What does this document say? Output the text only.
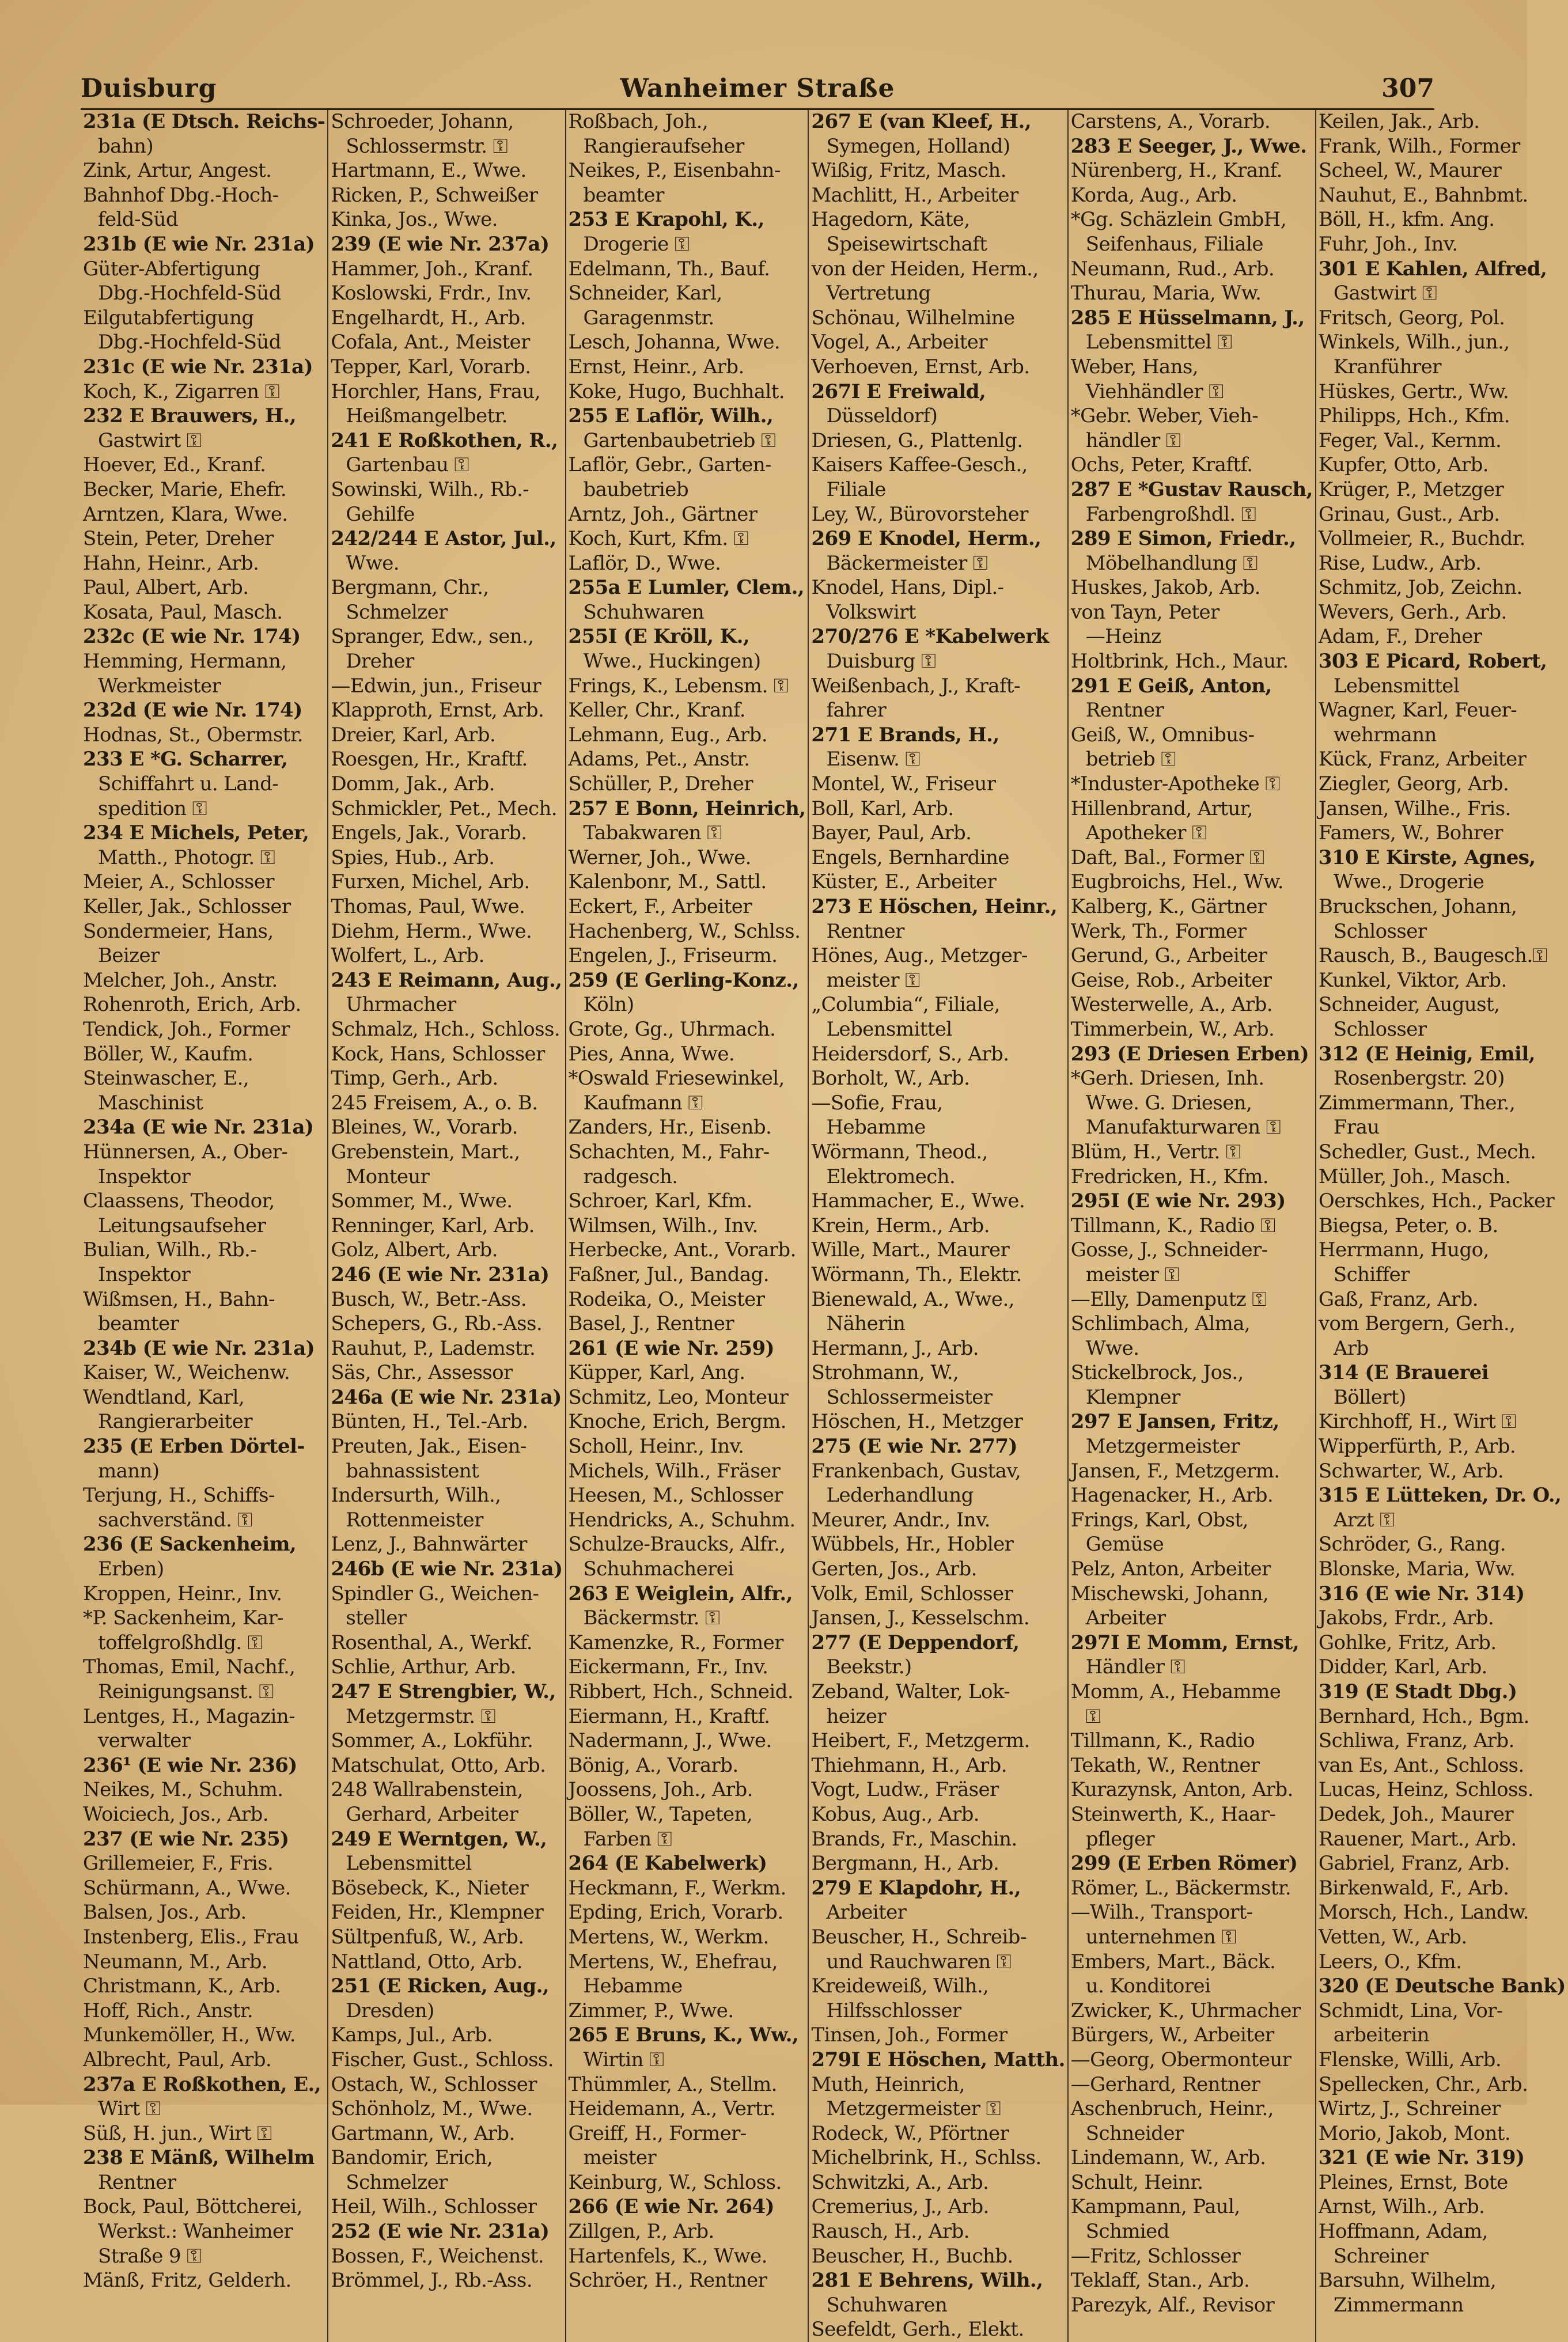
Duisburg	Wanheimer Straße	307
231a (E Dtsch. Reichs-
bahn)
Zink, Artur, Angest.
Bahnhof Dbg.-Hoch-
feld-Süd
231b (E wie Nr. 231a)
Güter-Abfertigung
Dbg.-Hochfeld-Süd
Eilgutabfertigung
Dbg.-Hochfeld-Süd
231c (E wie Nr. 231a)
Koch, K., Zigarren ⚿
232 E Brauwers, H.,
Gastwirt ⚿
Hoever, Ed., Kranf.
Becker, Marie, Ehefr.
Arntzen, Klara, Wwe.
Stein, Peter, Dreher
Hahn, Heinr., Arb.
Paul, Albert, Arb.
Kosata, Paul, Masch.
232c (E wie Nr. 174)
Hemming, Hermann,
Werkmeister
232d (E wie Nr. 174)
Hodnas, St., Obermstr.
233 E *G. Scharrer,
Schiffahrt u. Land-
spedition ⚿
234 E Michels, Peter,
Matth., Photogr. ⚿
Meier, A., Schlosser
Keller, Jak., Schlosser
Sondermeier, Hans,
Beizer
Melcher, Joh., Anstr.
Rohenroth, Erich, Arb.
Tendick, Joh., Former
Böller, W., Kaufm.
Steinwascher, E.,
Maschinist
234a (E wie Nr. 231a)
Hünnersen, A., Ober-
Inspektor
Claassens, Theodor,
Leitungsaufseher
Bulian, Wilh., Rb.-
Inspektor
Wißmsen, H., Bahn-
beamter
234b (E wie Nr. 231a)
Kaiser, W., Weichenw.
Wendtland, Karl,
Rangierarbeiter
235 (E Erben Dörtel-
mann)
Terjung, H., Schiffs-
sachverständ. ⚿
236 (E Sackenheim,
Erben)
Kroppen, Heinr., Inv.
*P. Sackenheim, Kar-
toffelgroßhdlg. ⚿
Thomas, Emil, Nachf.,
Reinigungsanst. ⚿
Lentges, H., Magazin-
verwalter
236¹ (E wie Nr. 236)
Neikes, M., Schuhm.
Woiciech, Jos., Arb.
237 (E wie Nr. 235)
Grillemeier, F., Fris.
Schürmann, A., Wwe.
Balsen, Jos., Arb.
Instenberg, Elis., Frau
Neumann, M., Arb.
Christmann, K., Arb.
Hoff, Rich., Anstr.
Munkemöller, H., Ww.
Albrecht, Paul, Arb.
237a E Roßkothen, E.,
Wirt ⚿
Süß, H. jun., Wirt ⚿
238 E Mänß, Wilhelm
Rentner
Bock, Paul, Böttcherei,
Werkst.: Wanheimer
Straße 9 ⚿
Mänß, Fritz, Gelderh.
Schroeder, Johann,
Schlossermstr. ⚿
Hartmann, E., Wwe.
Ricken, P., Schweißer
Kinka, Jos., Wwe.
239 (E wie Nr. 237a)
Hammer, Joh., Kranf.
Koslowski, Frdr., Inv.
Engelhardt, H., Arb.
Cofala, Ant., Meister
Tepper, Karl, Vorarb.
Horchler, Hans, Frau,
Heißmangelbetr.
241 E Roßkothen, R.,
Gartenbau ⚿
Sowinski, Wilh., Rb.-
Gehilfe
242/244 E Astor, Jul.,
Wwe.
Bergmann, Chr.,
Schmelzer
Spranger, Edw., sen.,
Dreher
—Edwin, jun., Friseur
Klapproth, Ernst, Arb.
Dreier, Karl, Arb.
Roesgen, Hr., Kraftf.
Domm, Jak., Arb.
Schmickler, Pet., Mech.
Engels, Jak., Vorarb.
Spies, Hub., Arb.
Furxen, Michel, Arb.
Thomas, Paul, Wwe.
Diehm, Herm., Wwe.
Wolfert, L., Arb.
243 E Reimann, Aug.,
Uhrmacher
Schmalz, Hch., Schloss.
Kock, Hans, Schlosser
Timp, Gerh., Arb.
245 Freisem, A., o. B.
Bleines, W., Vorarb.
Grebenstein, Mart.,
Monteur
Sommer, M., Wwe.
Renninger, Karl, Arb.
Golz, Albert, Arb.
246 (E wie Nr. 231a)
Busch, W., Betr.-Ass.
Schepers, G., Rb.-Ass.
Rauhut, P., Lademstr.
Säs, Chr., Assessor
246a (E wie Nr. 231a)
Bünten, H., Tel.-Arb.
Preuten, Jak., Eisen-
bahnassistent
Indersurth, Wilh.,
Rottenmeister
Lenz, J., Bahnwärter
246b (E wie Nr. 231a)
Spindler G., Weichen-
steller
Rosenthal, A., Werkf.
Schlie, Arthur, Arb.
247 E Strengbier, W.,
Metzgermstr. ⚿
Sommer, A., Lokführ.
Matschulat, Otto, Arb.
248 Wallrabenstein,
Gerhard, Arbeiter
249 E Werntgen, W.,
Lebensmittel
Bösebeck, K., Nieter
Feiden, Hr., Klempner
Sültpenfuß, W., Arb.
Nattland, Otto, Arb.
251 (E Ricken, Aug.,
Dresden)
Kamps, Jul., Arb.
Fischer, Gust., Schloss.
Ostach, W., Schlosser
Schönholz, M., Wwe.
Gartmann, W., Arb.
Bandomir, Erich,
Schmelzer
Heil, Wilh., Schlosser
252 (E wie Nr. 231a)
Bossen, F., Weichenst.
Brömmel, J., Rb.-Ass.
Roßbach, Joh.,
Rangieraufseher
Neikes, P., Eisenbahn-
beamter
253 E Krapohl, K.,
Drogerie ⚿
Edelmann, Th., Bauf.
Schneider, Karl,
Garagenmstr.
Lesch, Johanna, Wwe.
Ernst, Heinr., Arb.
Koke, Hugo, Buchhalt.
255 E Laflör, Wilh.,
Gartenbaubetrieb ⚿
Laflör, Gebr., Garten-
baubetrieb
Arntz, Joh., Gärtner
Koch, Kurt, Kfm. ⚿
Laflör, D., Wwe.
255a E Lumler, Clem.,
Schuhwaren
255I (E Kröll, K.,
Wwe., Huckingen)
Frings, K., Lebensm. ⚿
Keller, Chr., Kranf.
Lehmann, Eug., Arb.
Adams, Pet., Anstr.
Schüller, P., Dreher
257 E Bonn, Heinrich,
Tabakwaren ⚿
Werner, Joh., Wwe.
Kalenbonr, M., Sattl.
Eckert, F., Arbeiter
Hachenberg, W., Schlss.
Engelen, J., Friseurm.
259 (E Gerling-Konz.,
Köln)
Grote, Gg., Uhrmach.
Pies, Anna, Wwe.
*Oswald Friesewinkel,
Kaufmann ⚿
Zanders, Hr., Eisenb.
Schachten, M., Fahr-
radgesch.
Schroer, Karl, Kfm.
Wilmsen, Wilh., Inv.
Herbecke, Ant., Vorarb.
Faßner, Jul., Bandag.
Rodeika, O., Meister
Basel, J., Rentner
261 (E wie Nr. 259)
Küpper, Karl, Ang.
Schmitz, Leo, Monteur
Knoche, Erich, Bergm.
Scholl, Heinr., Inv.
Michels, Wilh., Fräser
Heesen, M., Schlosser
Hendricks, A., Schuhm.
Schulze-Braucks, Alfr.,
Schuhmacherei
263 E Weiglein, Alfr.,
Bäckermstr. ⚿
Kamenzke, R., Former
Eickermann, Fr., Inv.
Ribbert, Hch., Schneid.
Eiermann, H., Kraftf.
Nadermann, J., Wwe.
Bönig, A., Vorarb.
Joossens, Joh., Arb.
Böller, W., Tapeten,
Farben ⚿
264 (E Kabelwerk)
Heckmann, F., Werkm.
Epding, Erich, Vorarb.
Mertens, W., Werkm.
Mertens, W., Ehefrau,
Hebamme
Zimmer, P., Wwe.
265 E Bruns, K., Ww.,
Wirtin ⚿
Thümmler, A., Stellm.
Heidemann, A., Vertr.
Greiff, H., Former-
meister
Keinburg, W., Schloss.
266 (E wie Nr. 264)
Zillgen, P., Arb.
Hartenfels, K., Wwe.
Schröer, H., Rentner
267 E (van Kleef, H.,
Symegen, Holland)
Wißig, Fritz, Masch.
Machlitt, H., Arbeiter
Hagedorn, Käte,
Speisewirtschaft
von der Heiden, Herm.,
Vertretung
Schönau, Wilhelmine
Vogel, A., Arbeiter
Verhoeven, Ernst, Arb.
267I E Freiwald,
Düsseldorf)
Driesen, G., Plattenlg.
Kaisers Kaffee-Gesch.,
Filiale
Ley, W., Bürovorsteher
269 E Knodel, Herm.,
Bäckermeister ⚿
Knodel, Hans, Dipl.-
Volkswirt
270/276 E *Kabelwerk
Duisburg ⚿
Weißenbach, J., Kraft-
fahrer
271 E Brands, H.,
Eisenw. ⚿
Montel, W., Friseur
Boll, Karl, Arb.
Bayer, Paul, Arb.
Engels, Bernhardine
Küster, E., Arbeiter
273 E Höschen, Heinr.,
Rentner
Hönes, Aug., Metzger-
meister ⚿
„Columbia“, Filiale,
Lebensmittel
Heidersdorf, S., Arb.
Borholt, W., Arb.
—Sofie, Frau,
Hebamme
Wörmann, Theod.,
Elektromech.
Hammacher, E., Wwe.
Krein, Herm., Arb.
Wille, Mart., Maurer
Wörmann, Th., Elektr.
Bienewald, A., Wwe.,
Näherin
Hermann, J., Arb.
Strohmann, W.,
Schlossermeister
Höschen, H., Metzger
275 (E wie Nr. 277)
Frankenbach, Gustav,
Lederhandlung
Meurer, Andr., Inv.
Wübbels, Hr., Hobler
Gerten, Jos., Arb.
Volk, Emil, Schlosser
Jansen, J., Kesselschm.
277 (E Deppendorf,
Beekstr.)
Zeband, Walter, Lok-
heizer
Heibert, F., Metzgerm.
Thiehmann, H., Arb.
Vogt, Ludw., Fräser
Kobus, Aug., Arb.
Brands, Fr., Maschin.
Bergmann, H., Arb.
279 E Klapdohr, H.,
Arbeiter
Beuscher, H., Schreib-
und Rauchwaren ⚿
Kreideweiß, Wilh.,
Hilfsschlosser
Tinsen, Joh., Former
279I E Höschen, Matth.
Muth, Heinrich,
Metzgermeister ⚿
Rodeck, W., Pförtner
Michelbrink, H., Schlss.
Schwitzki, A., Arb.
Cremerius, J., Arb.
Rausch, H., Arb.
Beuscher, H., Buchb.
281 E Behrens, Wilh.,
Schuhwaren
Seefeldt, Gerh., Elekt.
Carstens, A., Vorarb.
283 E Seeger, J., Wwe.
Nürenberg, H., Kranf.
Korda, Aug., Arb.
*Gg. Schäzlein GmbH,
Seifenhaus, Filiale
Neumann, Rud., Arb.
Thurau, Maria, Ww.
285 E Hüsselmann, J.,
Lebensmittel ⚿
Weber, Hans,
Viehhändler ⚿
*Gebr. Weber, Vieh-
händler ⚿
Ochs, Peter, Kraftf.
287 E *Gustav Rausch,
Farbengroßhdl. ⚿
289 E Simon, Friedr.,
Möbelhandlung ⚿
Huskes, Jakob, Arb.
von Tayn, Peter
—Heinz
Holtbrink, Hch., Maur.
291 E Geiß, Anton,
Rentner
Geiß, W., Omnibus-
betrieb ⚿
*Induster-Apotheke ⚿
Hillenbrand, Artur,
Apotheker ⚿
Daft, Bal., Former ⚿
Eugbroichs, Hel., Ww.
Kalberg, K., Gärtner
Werk, Th., Former
Gerund, G., Arbeiter
Geise, Rob., Arbeiter
Westerwelle, A., Arb.
Timmerbein, W., Arb.
293 (E Driesen Erben)
*Gerh. Driesen, Inh.
Wwe. G. Driesen,
Manufakturwaren ⚿
Blüm, H., Vertr. ⚿
Fredricken, H., Kfm.
295I (E wie Nr. 293)
Tillmann, K., Radio ⚿
Gosse, J., Schneider-
meister ⚿
—Elly, Damenputz ⚿
Schlimbach, Alma,
Wwe.
Stickelbrock, Jos.,
Klempner
297 E Jansen, Fritz,
Metzgermeister
Jansen, F., Metzgerm.
Hagenacker, H., Arb.
Frings, Karl, Obst,
Gemüse
Pelz, Anton, Arbeiter
Mischewski, Johann,
Arbeiter
297I E Momm, Ernst,
Händler ⚿
Momm, A., Hebamme
⚿
Tillmann, K., Radio
Tekath, W., Rentner
Kurazynsk, Anton, Arb.
Steinwerth, K., Haar-
pfleger
299 (E Erben Römer)
Römer, L., Bäckermstr.
—Wilh., Transport-
unternehmen ⚿
Embers, Mart., Bäck.
u. Konditorei
Zwicker, K., Uhrmacher
Bürgers, W., Arbeiter
—Georg, Obermonteur
—Gerhard, Rentner
Aschenbruch, Heinr.,
Schneider
Lindemann, W., Arb.
Schult, Heinr.
Kampmann, Paul,
Schmied
—Fritz, Schlosser
Teklaff, Stan., Arb.
Parezyk, Alf., Revisor
Keilen, Jak., Arb.
Frank, Wilh., Former
Scheel, W., Maurer
Nauhut, E., Bahnbmt.
Böll, H., kfm. Ang.
Fuhr, Joh., Inv.
301 E Kahlen, Alfred,
Gastwirt ⚿
Fritsch, Georg, Pol.
Winkels, Wilh., jun.,
Kranführer
Hüskes, Gertr., Ww.
Philipps, Hch., Kfm.
Feger, Val., Kernm.
Kupfer, Otto, Arb.
Krüger, P., Metzger
Grinau, Gust., Arb.
Vollmeier, R., Buchdr.
Rise, Ludw., Arb.
Schmitz, Job, Zeichn.
Wevers, Gerh., Arb.
Adam, F., Dreher
303 E Picard, Robert,
Lebensmittel
Wagner, Karl, Feuer-
wehrmann
Kück, Franz, Arbeiter
Ziegler, Georg, Arb.
Jansen, Wilhe., Fris.
Famers, W., Bohrer
310 E Kirste, Agnes,
Wwe., Drogerie
Bruckschen, Johann,
Schlosser
Rausch, B., Baugesch.⚿
Kunkel, Viktor, Arb.
Schneider, August,
Schlosser
312 (E Heinig, Emil,
Rosenbergstr. 20)
Zimmermann, Ther.,
Frau
Schedler, Gust., Mech.
Müller, Joh., Masch.
Oerschkes, Hch., Packer
Biegsa, Peter, o. B.
Herrmann, Hugo,
Schiffer
Gaß, Franz, Arb.
vom Bergern, Gerh.,
Arb
314 (E Brauerei
Böllert)
Kirchhoff, H., Wirt ⚿
Wipperfürth, P., Arb.
Schwarter, W., Arb.
315 E Lütteken, Dr. O.,
Arzt ⚿
Schröder, G., Rang.
Blonske, Maria, Ww.
316 (E wie Nr. 314)
Jakobs, Frdr., Arb.
Gohlke, Fritz, Arb.
Didder, Karl, Arb.
319 (E Stadt Dbg.)
Bernhard, Hch., Bgm.
Schliwa, Franz, Arb.
van Es, Ant., Schloss.
Lucas, Heinz, Schloss.
Dedek, Joh., Maurer
Rauener, Mart., Arb.
Gabriel, Franz, Arb.
Birkenwald, F., Arb.
Morsch, Hch., Landw.
Vetten, W., Arb.
Leers, O., Kfm.
320 (E Deutsche Bank)
Schmidt, Lina, Vor-
arbeiterin
Flenske, Willi, Arb.
Spellecken, Chr., Arb.
Wirtz, J., Schreiner
Morio, Jakob, Mont.
321 (E wie Nr. 319)
Pleines, Ernst, Bote
Arnst, Wilh., Arb.
Hoffmann, Adam,
Schreiner
Barsuhn, Wilhelm,
Zimmermann
